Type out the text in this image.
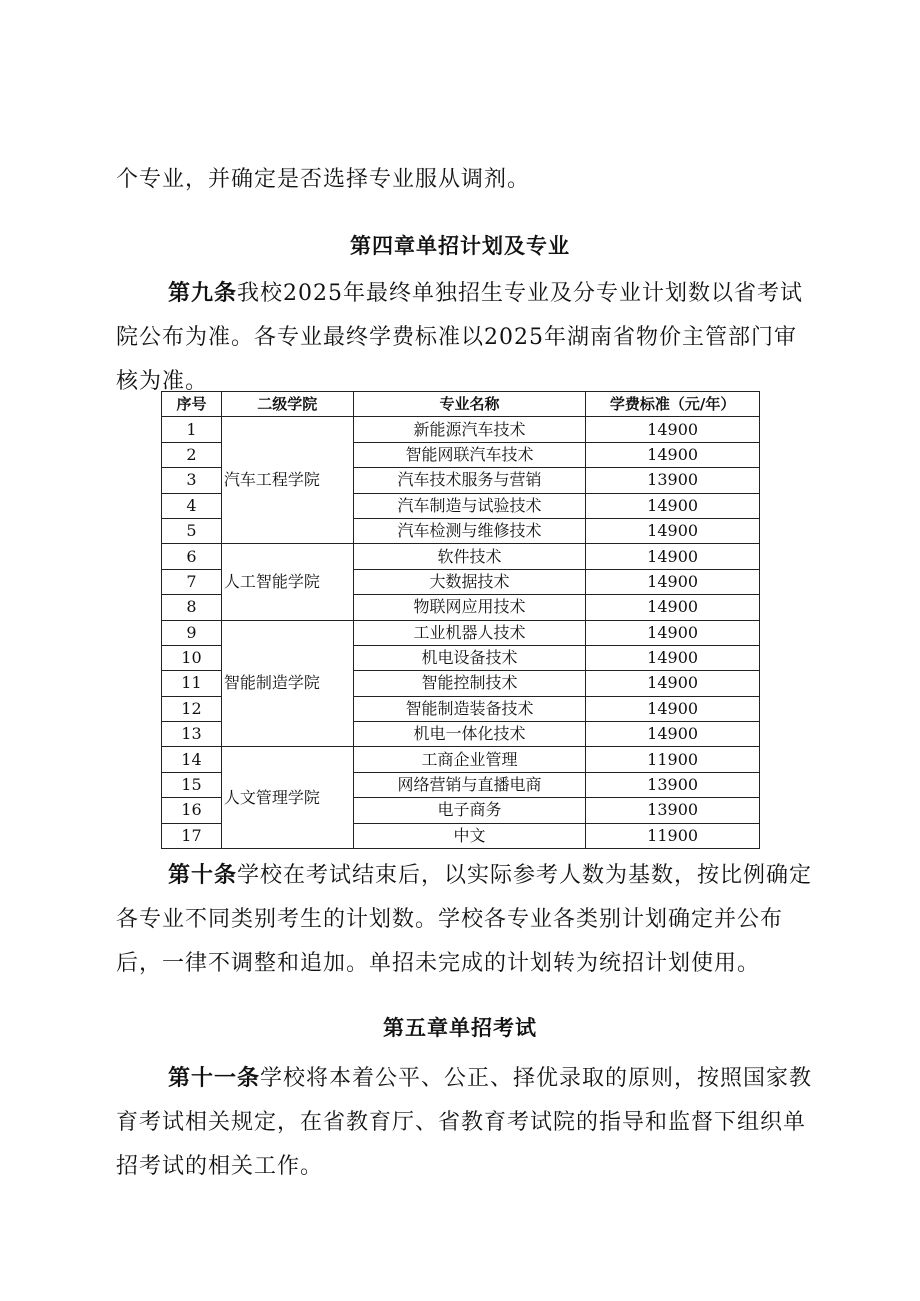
个专业，并确定是否选择专业服从调剂。

第四章单招计划及专业

第九条我校2025年最终单独招生专业及分专业计划数以省考试院公布为准。各专业最终学费标准以2025年湖南省物价主管部门审核为准。

序号	二级学院	专业名称	学费标准（元/年）
1	汽车工程学院	新能源汽车技术	14900
2		智能网联汽车技术	14900
3		汽车技术服务与营销	13900
4		汽车制造与试验技术	14900
5		汽车检测与维修技术	14900
6	人工智能学院	软件技术	14900
7		大数据技术	14900
8		物联网应用技术	14900
9	智能制造学院	工业机器人技术	14900
10		机电设备技术	14900
11		智能控制技术	14900
12		智能制造装备技术	14900
13		机电一体化技术	14900
14	人文管理学院	工商企业管理	11900
15		网络营销与直播电商	13900
16		电子商务	13900
17		中文	11900

第十条学校在考试结束后，以实际参考人数为基数，按比例确定各专业不同类别考生的计划数。学校各专业各类别计划确定并公布后，一律不调整和追加。单招未完成的计划转为统招计划使用。

第五章单招考试

第十一条学校将本着公平、公正、择优录取的原则，按照国家教育考试相关规定，在省教育厅、省教育考试院的指导和监督下组织单招考试的相关工作。
